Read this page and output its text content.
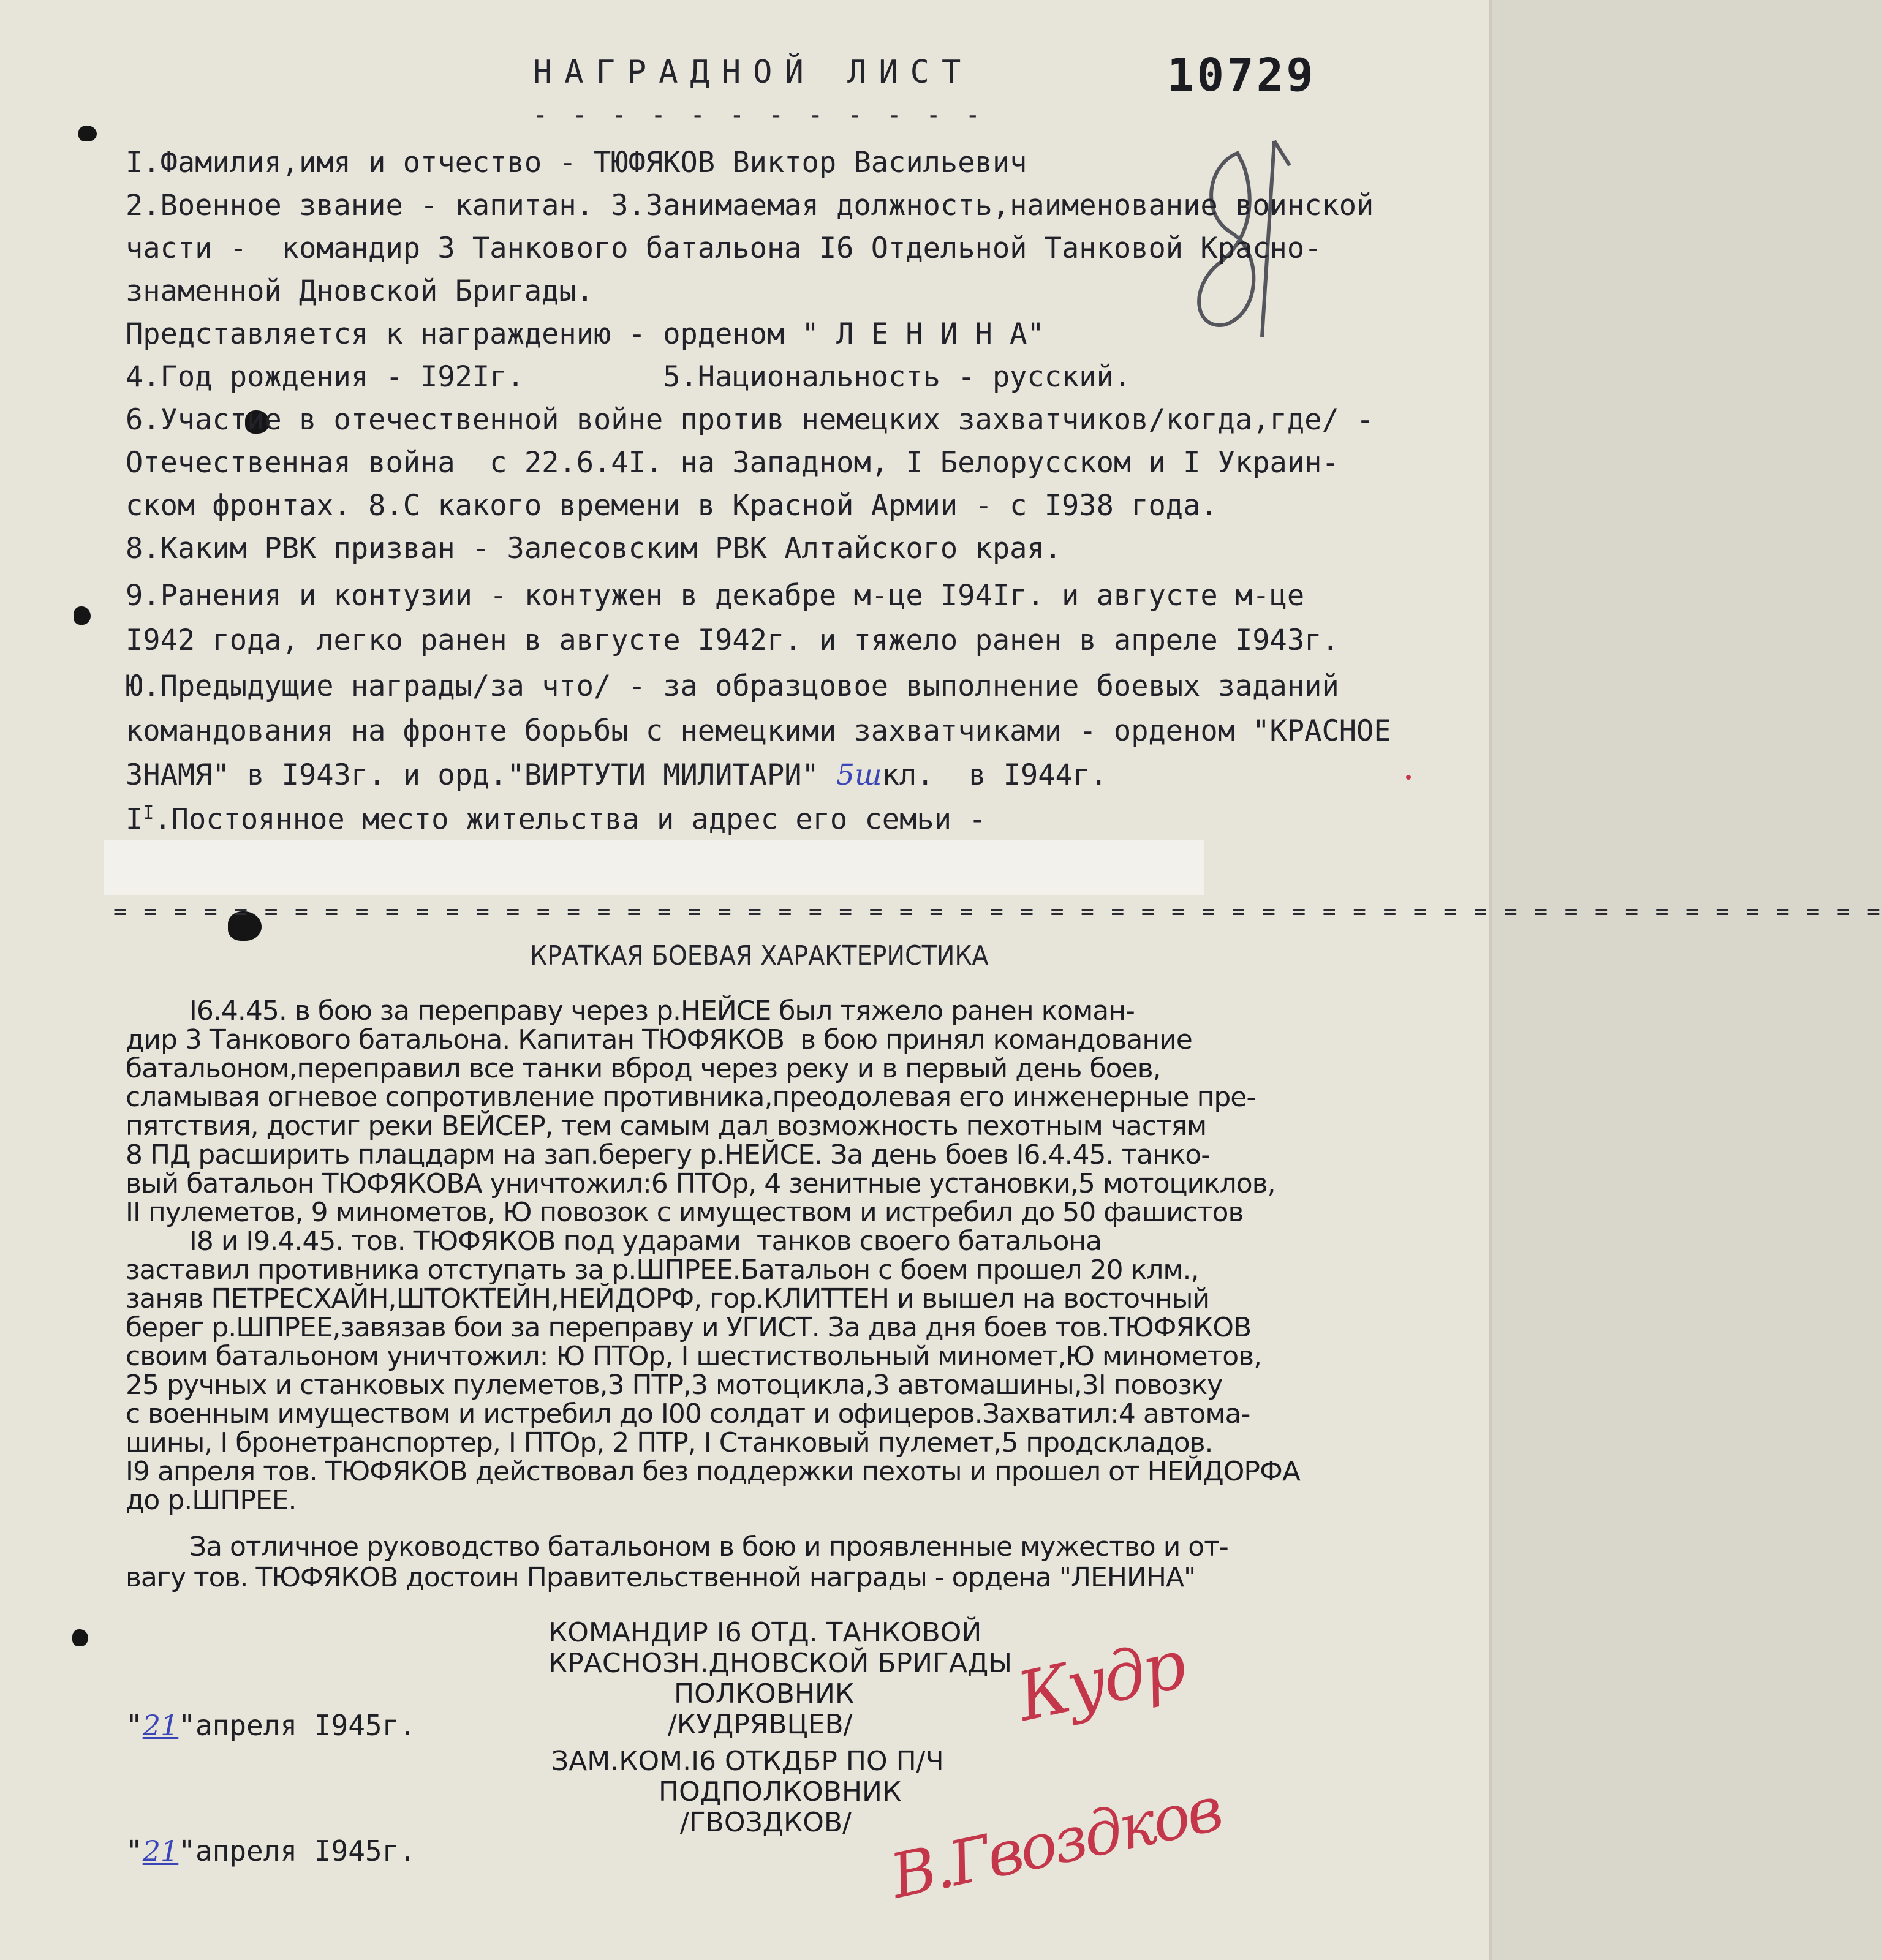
10729
НАГРАДНОЙ ЛИСТ
- - - - - - - - - - - -
I.Фамилия,имя и отчество - ТЮФЯКОВ Виктор Васильевич
2.Военное звание - капитан. 3.Занимаемая должность,наименование воинской
части -  командир 3 Танкового батальона I6 Отдельной Танковой Красно-
знаменной Дновской Бригады.
Представляется к награждению - орденом " Л Е Н И Н А"
4.Год рождения - I92Iг.        5.Национальность - русский.
6.Участие в отечественной войне против немецких захватчиков/когда,где/ -
Отечественная война  с 22.6.4I. на Западном, I Белорусском и I Украин-
ском фронтах. 8.С какого времени в Красной Армии - с I938 года.
8.Каким РВК призван - Залесовским РВК Алтайского края.
9.Ранения и контузии - контужен в декабре м-це I94Iг. и августе м-це
I942 года, легко ранен в августе I942г. и тяжело ранен в апреле I943г.
Ю.Предыдущие награды/за что/ - за образцовое выполнение боевых заданий
командования на фронте борьбы с немецкими захватчиками - орденом "КРАСНОЕ
ЗНАМЯ" в I943г. и орд."ВИРТУТИ МИЛИТАРИ" 5шкл.  в I944г.
I$^I$.Постоянное место жительства и адрес его семьи -
= = = = = = = = = = = = = = = = = = = = = = = = = = = = = = = = = = = = = = = = = = = = = = = = = = = = = = = = = = =
КРАТКАЯ БОЕВАЯ ХАРАКТЕРИСТИКА
I6.4.45. в бою за переправу через р.НЕЙСЕ был тяжело ранен коман-
дир 3 Танкового батальона. Капитан ТЮФЯКОВ  в бою принял командование
батальоном,переправил все танки вброд через реку и в первый день боев,
сламывая огневое сопротивление противника,преодолевая его инженерные пре-
пятствия, достиг реки ВЕЙСЕР, тем самым дал возможность пехотным частям
8 ПД расширить плацдарм на зап.берегу р.НЕЙСЕ. За день боев I6.4.45. танко-
вый батальон ТЮФЯКОВА уничтожил:6 ПТОр, 4 зенитные установки,5 мотоциклов,
II пулеметов, 9 минометов, Ю повозок с имуществом и истребил до 50 фашистов
I8 и I9.4.45. тов. ТЮФЯКОВ под ударами  танков своего батальона
заставил противника отступать за р.ШПРЕЕ.Батальон с боем прошел 20 клм.,
заняв ПЕТРЕСХАЙН,ШТОКТЕЙН,НЕЙДОРФ, гор.КЛИТТЕН и вышел на восточный
берег р.ШПРЕЕ,завязав бои за переправу и УГИСТ. За два дня боев тов.ТЮФЯКОВ
своим батальоном уничтожил: Ю ПТОр, I шестиствольный миномет,Ю минометов,
25 ручных и станковых пулеметов,3 ПТР,3 мотоцикла,3 автомашины,3I повозку
с военным имуществом и истребил до I00 солдат и офицеров.Захватил:4 автома-
шины, I бронетранспортер, I ПТОр, 2 ПТР, I Станковый пулемет,5 продскладов.
I9 апреля тов. ТЮФЯКОВ действовал без поддержки пехоты и прошел от НЕЙДОРФА
до р.ШПРЕЕ.
За отличное руководство батальоном в бою и проявленные мужество и от-
вагу тов. ТЮФЯКОВ достоин Правительственной награды - ордена "ЛЕНИНА"
КОМАНДИР I6 ОТД. ТАНКОВОЙ
КРАСНОЗН.ДНОВСКОЙ БРИГАДЫ
ПОЛКОВНИК
/КУДРЯВЦЕВ/
ЗАМ.КОМ.I6 ОТКДБР ПО П/Ч
ПОДПОЛКОВНИК
/ГВОЗДКОВ/
"21"апреля I945г.
"21"апреля I945г.
Кудр
В.Гвоздков
